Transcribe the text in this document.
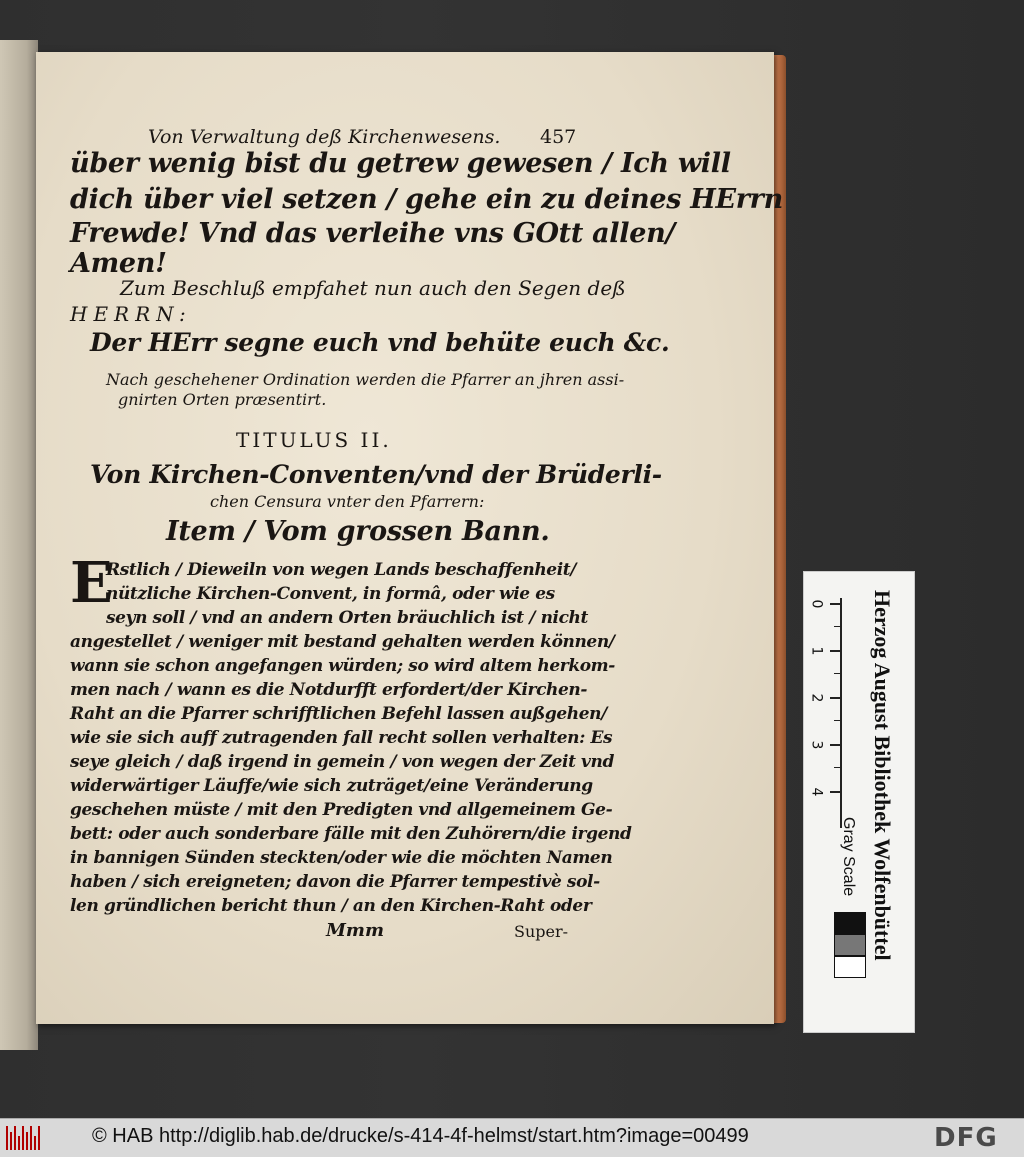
Von Verwaltung deß Kirchenwesens. 457
über wenig bist du getrew gewesen / Ich will
dich über viel setzen / gehe ein zu deines HErrn
Frewde! Vnd das verleihe vns GOtt allen/
Amen!
Zum Beschluß empfahet nun auch den Segen deß
HERRN:
Der HErr segne euch vnd behüte euch &c.
Nach geschehener Ordination werden die Pfarrer an jhren assi-
gnirten Orten præsentirt.
TITULUS II.
Von Kirchen-Conventen/vnd der Brüderli-
chen Censura vnter den Pfarrern:
Item / Vom grossen Bann.
Rstlich / Dieweiln von wegen Lands beschaffenheit/
nützliche Kirchen-Convent, in formâ, oder wie es
seyn soll / vnd an andern Orten bräuchlich ist / nicht
angestellet / weniger mit bestand gehalten werden können/
wann sie schon angefangen würden; so wird altem herkom-
men nach / wann es die Notdurfft erfordert/der Kirchen-
Raht an die Pfarrer schrifftlichen Befehl lassen außgehen/
wie sie sich auff zutragenden fall recht sollen verhalten: Es
seye gleich / daß irgend in gemein / von wegen der Zeit vnd
widerwärtiger Läuffe/wie sich zuträget/eine Veränderung
geschehen müste / mit den Predigten vnd allgemeinem Ge-
bett: oder auch sonderbare fälle mit den Zuhörern/die irgend
in bannigen Sünden steckten/oder wie die möchten Namen
haben / sich ereigneten; davon die Pfarrer tempestivè sol-
len gründlichen bericht thun / an den Kirchen-Raht oder
Mmm	Super-
E	0
1
2
3
4	Herzog August Bibliothek Wolfenbüttel
Gray Scale
© HAB http://diglib.hab.de/drucke/s-414-4f-helmst/start.htm?image=00499	DFG
